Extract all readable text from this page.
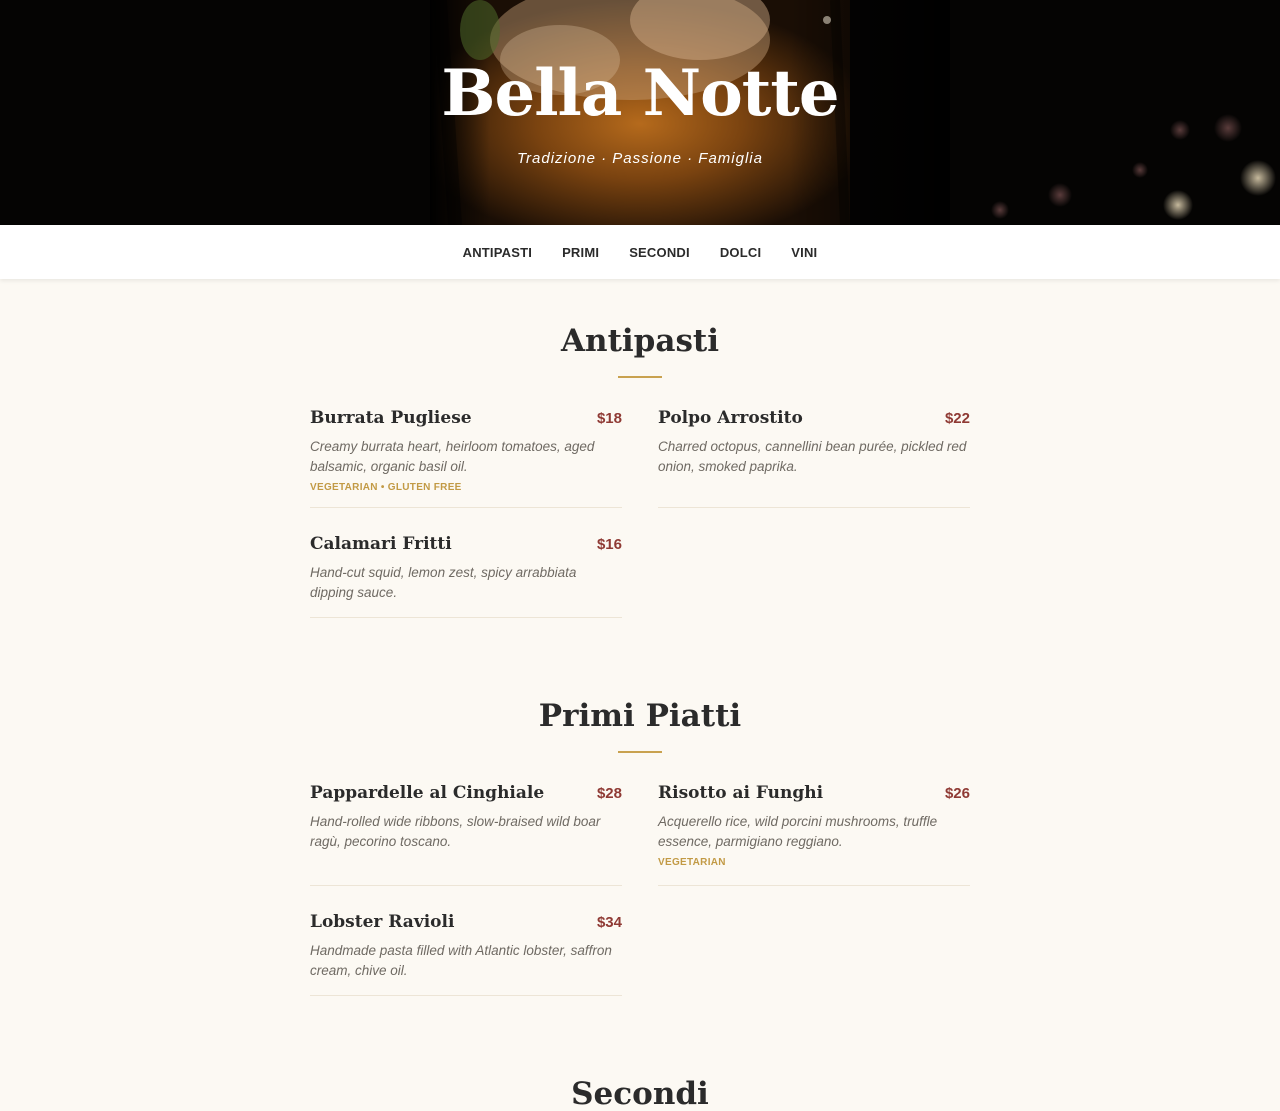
Bella Notte

Tradizione · Passione · Famiglia

ANTIPASTI PRIMI SECONDI DOLCI VINI
Antipasti
Burrata Pugliese	$18

Creamy burrata heart, heirloom tomatoes, aged balsamic, organic basil oil.

VEGETARIAN • GLUTEN FREE

Polpo Arrostito	$22

Charred octopus, cannellini bean purée, pickled red onion, smoked paprika.

Calamari Fritti	$16

Hand-cut squid, lemon zest, spicy arrabbiata dipping sauce.

Primi Piatti
Pappardelle al Cinghiale	$28

Hand-rolled wide ribbons, slow-braised wild boar ragù, pecorino toscano.

Risotto ai Funghi	$26

Acquerello rice, wild porcini mushrooms, truffle essence, parmigiano reggiano.

VEGETARIAN

Lobster Ravioli	$34

Handmade pasta filled with Atlantic lobster, saffron cream, chive oil.

Secondi
